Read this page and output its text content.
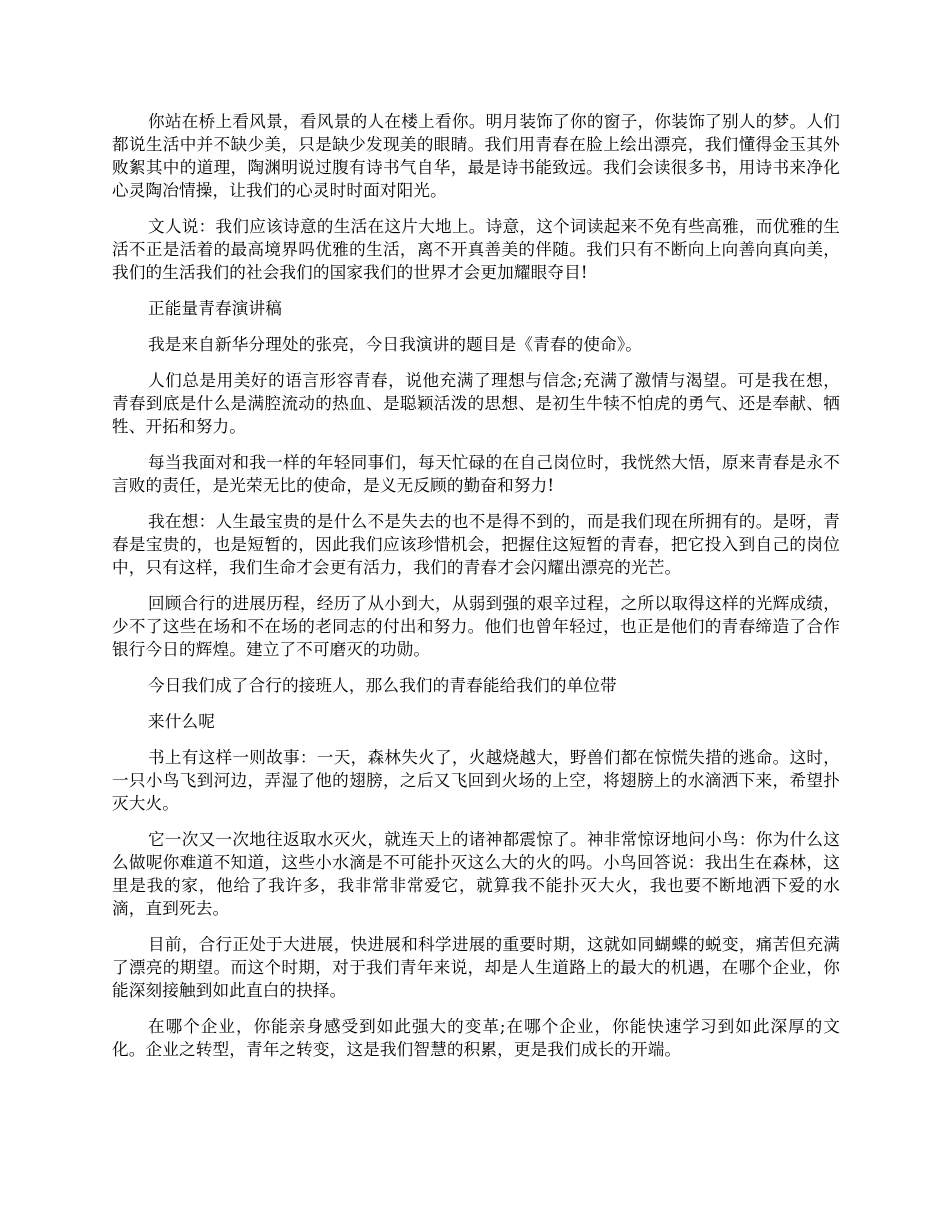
你站在桥上看风景，看风景的人在楼上看你。明月装饰了你的窗子，你装饰了别人的梦。人们都说生活中并不缺少美，只是缺少发现美的眼睛。我们用青春在脸上绘出漂亮，我们懂得金玉其外败絮其中的道理，陶渊明说过腹有诗书气自华，最是诗书能致远。我们会读很多书，用诗书来净化心灵陶冶情操，让我们的心灵时时面对阳光。

文人说：我们应该诗意的生活在这片大地上。诗意，这个词读起来不免有些高雅，而优雅的生活不正是活着的最高境界吗优雅的生活，离不开真善美的伴随。我们只有不断向上向善向真向美，我们的生活我们的社会我们的国家我们的世界才会更加耀眼夺目!

正能量青春演讲稿

我是来自新华分理处的张亮，今日我演讲的题目是《青春的使命》。

人们总是用美好的语言形容青春，说他充满了理想与信念;充满了激情与渴望。可是我在想，青春到底是什么是满腔流动的热血、是聪颖活泼的思想、是初生牛犊不怕虎的勇气、还是奉献、牺牲、开拓和努力。

每当我面对和我一样的年轻同事们，每天忙碌的在自己岗位时，我恍然大悟，原来青春是永不言败的责任，是光荣无比的使命，是义无反顾的勤奋和努力!

我在想：人生最宝贵的是什么不是失去的也不是得不到的，而是我们现在所拥有的。是呀，青春是宝贵的，也是短暂的，因此我们应该珍惜机会，把握住这短暂的青春，把它投入到自己的岗位中，只有这样，我们生命才会更有活力，我们的青春才会闪耀出漂亮的光芒。

回顾合行的进展历程，经历了从小到大，从弱到强的艰辛过程，之所以取得这样的光辉成绩，少不了这些在场和不在场的老同志的付出和努力。他们也曾年轻过，也正是他们的青春缔造了合作银行今日的辉煌。建立了不可磨灭的功勋。

今日我们成了合行的接班人，那么我们的青春能给我们的单位带

来什么呢

书上有这样一则故事：一天，森林失火了，火越烧越大，野兽们都在惊慌失措的逃命。这时，一只小鸟飞到河边，弄湿了他的翅膀，之后又飞回到火场的上空，将翅膀上的水滴洒下来，希望扑灭大火。

它一次又一次地往返取水灭火，就连天上的诸神都震惊了。神非常惊讶地问小鸟：你为什么这么做呢你难道不知道，这些小水滴是不可能扑灭这么大的火的吗。小鸟回答说：我出生在森林，这里是我的家，他给了我许多，我非常非常爱它，就算我不能扑灭大火，我也要不断地洒下爱的水滴，直到死去。

目前，合行正处于大进展，快进展和科学进展的重要时期，这就如同蝴蝶的蜕变，痛苦但充满了漂亮的期望。而这个时期，对于我们青年来说，却是人生道路上的最大的机遇，在哪个企业，你能深刻接触到如此直白的抉择。

在哪个企业，你能亲身感受到如此强大的变革;在哪个企业，你能快速学习到如此深厚的文化。企业之转型，青年之转变，这是我们智慧的积累，更是我们成长的开端。
